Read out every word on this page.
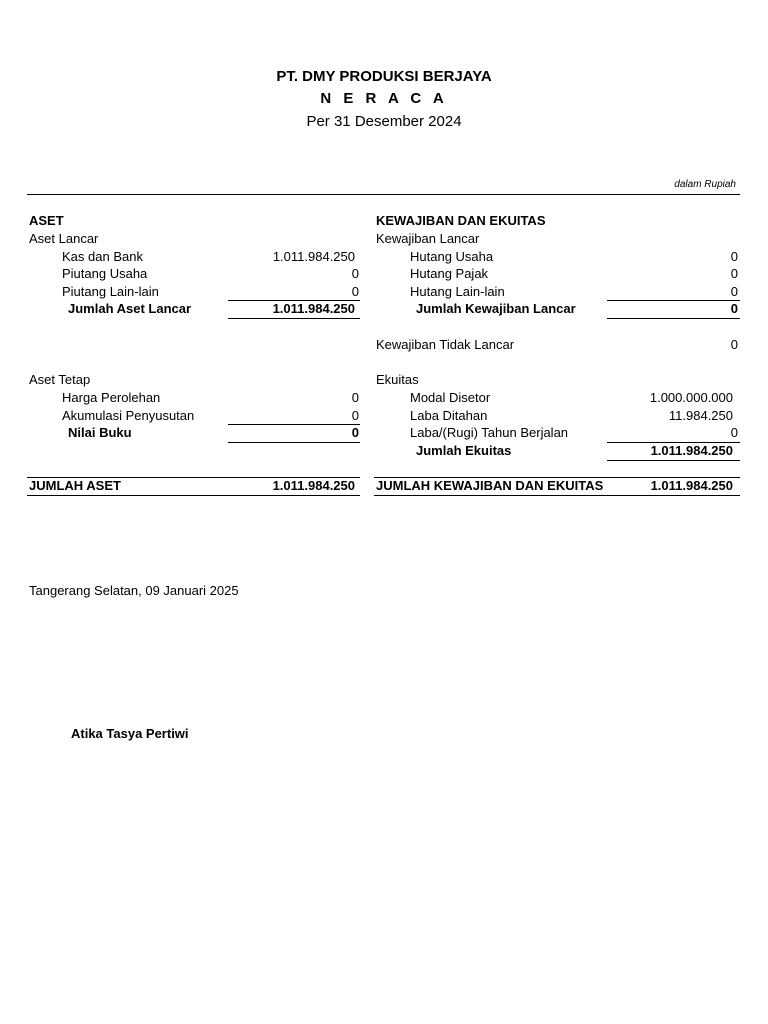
PT. DMY PRODUKSI BERJAYA
N E R A C A
Per 31 Desember 2024
dalam Rupiah
ASET
Aset Lancar
Kas dan Bank	1.011.984.250
Piutang Usaha	0
Piutang Lain-lain	0
Jumlah Aset Lancar	1.011.984.250
Aset Tetap
Harga Perolehan	0
Akumulasi Penyusutan	0
Nilai Buku	0
JUMLAH ASET	1.011.984.250
KEWAJIBAN DAN EKUITAS
Kewajiban Lancar
Hutang Usaha	0
Hutang Pajak	0
Hutang Lain-lain	0
Jumlah Kewajiban Lancar	0
Kewajiban Tidak Lancar	0
Ekuitas
Modal Disetor	1.000.000.000
Laba Ditahan	11.984.250
Laba/(Rugi) Tahun Berjalan	0
Jumlah Ekuitas	1.011.984.250
JUMLAH KEWAJIBAN DAN EKUITAS	1.011.984.250
Tangerang Selatan, 09 Januari 2025
Atika Tasya Pertiwi
